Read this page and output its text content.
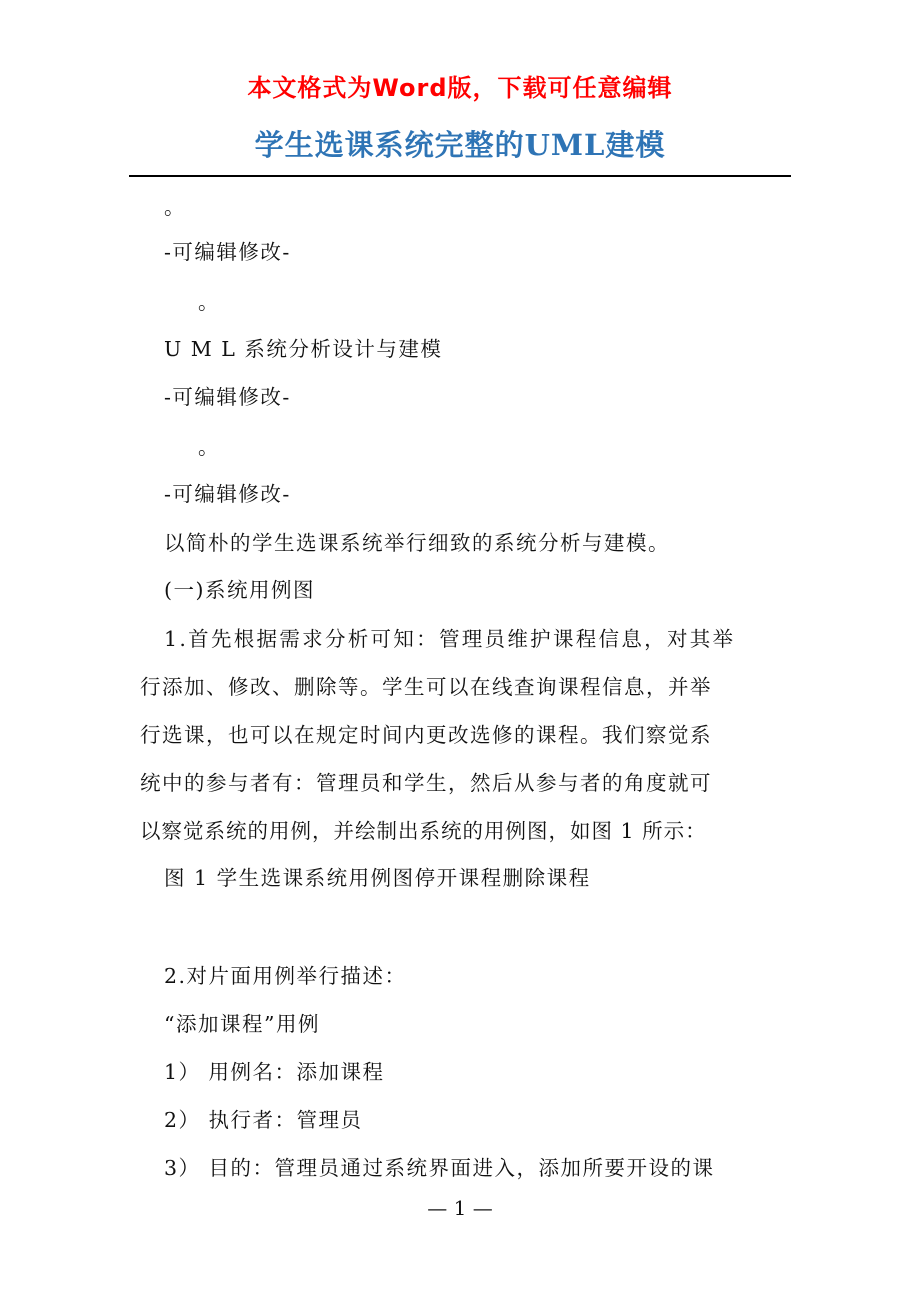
本文格式为Word版，下载可任意编辑
学生选课系统完整的UML建模
。
-可编辑修改-
。
U M L 系统分析设计与建模
-可编辑修改-
。
-可编辑修改-
以简朴的学生选课系统举行细致的系统分析与建模。
(一)系统用例图
1.首先根据需求分析可知：管理员维护课程信息，对其举
行添加、修改、删除等。学生可以在线查询课程信息，并举
行选课，也可以在规定时间内更改选修的课程。我们察觉系
统中的参与者有：管理员和学生，然后从参与者的角度就可
以察觉系统的用例，并绘制出系统的用例图，如图 1 所示：
图 1 学生选课系统用例图停开课程删除课程
2.对片面用例举行描述：
“添加课程”用例
1） 用例名：添加课程
2） 执行者：管理员
3） 目的：管理员通过系统界面进入，添加所要开设的课
— 1 —
